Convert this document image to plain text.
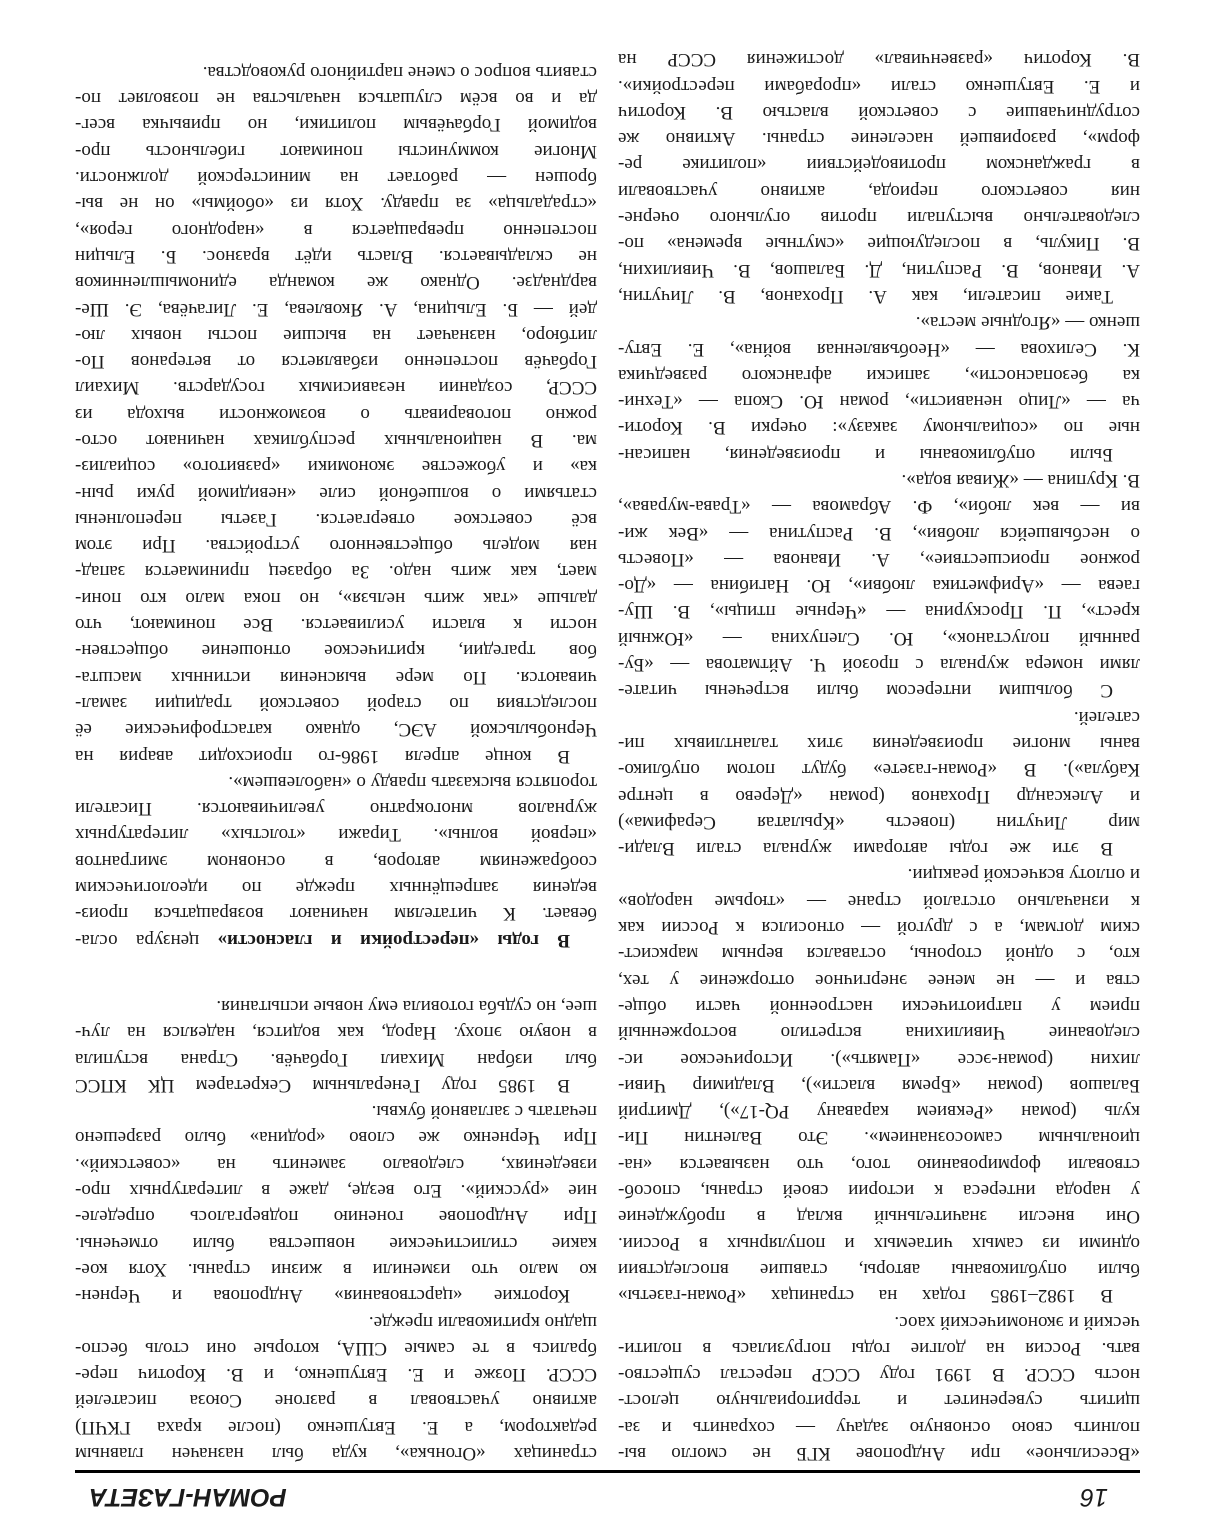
16
РОМАН-ГАЗЕТА
«Всесильное» при Андропове КГБ не смогло вы-
полнить свою основную задачу — сохранить и за-
щитить суверенитет и территориальную целост-
ность СССР. В 1991 году СССР перестал существо-
вать. Россия на долгие годы погрузилась в полити-
ческий и экономический хаос.
В 1982–1985 годах на страницах «Роман-газеты»
были опубликованы авторы, ставшие впоследствии
одними из самых читаемых и популярных в России.
Они внесли значительный вклад в пробуждение
у народа интереса к истории своей страны, способ-
ствовали формированию того, что называется «на-
циональным самосознанием». Это Валентин Пи-
куль (роман «Реквием каравану PQ-17»), Дмитрий
Балашов (роман «Бремя власти»), Владимир Чиви-
лихин (роман-эссе «Память»). Историческое ис-
следование Чивилихина встретило восторженный
прием у патриотически настроенной части обще-
ства и — не менее энергичное отторжение у тех,
кто, с одной стороны, оставался верным марксист-
ским догмам, а с другой — относился к России как
к изначально отсталой стране — «тюрьме народов»
и оплоту всяческой реакции.
В эти же годы авторами журнала стали Влади-
мир Личутин (повесть «Крылатая Серафима»)
и Александр Проханов (роман «Дерево в центре
Кабула»). В «Роман-газете» будут потом опублико-
ваны многие произведения этих талантливых пи-
сателей.
С большим интересом были встречены читате-
лями номера журнала с прозой Ч. Айтматова — «Бу-
ранный полустанок», Ю. Слепухина — «Южный
крест», П. Проскурина — «Черные птицы», В. Шу-
гаева — «Арифметика любви», Ю. Нагибина — «До-
рожное происшествие», А. Иванова — «Повесть
о несбывшейся любви», В. Распутина — «Век жи-
ви — век люби», Ф. Абрамова — «Трава-мурава»,
В. Крупина — «Живая вода».
Были опубликованы и произведения, написан-
ные по «социальному заказу»: очерки В. Короти-
ча — «Лицо ненависти», роман Ю. Скопа — «Техни-
ка безопасности», записки афганского разведчика
К. Селихова — «Необъявленная война», Е. Евту-
шенко — «Ягодные места».
Такие писатели, как А. Проханов, В. Личутин,
А. Иванов, В. Распутин, Д. Балашов, В. Чивилихин,
В. Пикуль, в последующие «смутные времена» по-
следовательно выступали против огульного очерне-
ния советского периода, активно участвовали
в гражданском противодействии «политике ре-
форм», разорившей население страны. Активно же
сотрудничавшие с советской властью В. Коротич
и Е. Евтушенко стали «прорабами перестройки».
В. Коротич «развенчивал» достижения СССР на
страницах «Огонька», куда был назначен главным
редактором, а Е. Евтушенко (после краха ГКЧП)
активно участвовал в разгоне Союза писателей
СССР. Позже и Е. Евтушенко, и В. Коротич пере-
брались в те самые США, которые они столь беспо-
щадно критиковали прежде.
Короткие «царствования» Андропова и Чернен-
ко мало что изменили в жизни страны. Хотя кое-
какие стилистические новшества были отмечены.
При Андропове гонению подвергалось определе-
ние «русский». Его везде, даже в литературных про-
изведениях, следовало заменить на «советский».
При Черненко же слово «родина» было разрешено
печатать с заглавной буквы.
В 1985 году Генеральным Секретарем ЦК КПСС
был избран Михаил Горбачёв. Страна вступила
в новую эпоху. Народ, как водится, надеялся на луч-
шее, но судьба готовила ему новые испытания.
В годы «перестройки и гласности» цензура осла-
бевает. К читателям начинают возвращаться произ-
ведения запрещённых прежде по идеологическим
соображениям авторов, в основном эмигрантов
«первой волны». Тиражи «толстых» литературных
журналов многократно увеличиваются. Писатели
торопятся высказать правду о «наболевшем».
В конце апреля 1986-го происходит авария на
Чернобыльской АЭС, однако катастрофические её
последствия по старой советской традиции замал-
чиваются. По мере выяснения истинных масшта-
бов трагедии, критическое отношение обществен-
ности к власти усиливается. Все понимают, что
дальше «так жить нельзя», но пока мало кто пони-
мает, как жить надо. За образец принимается запад-
ная модель общественного устройства. При этом
всё советское отвергается. Газеты переполнены
статьями о волшебной силе «невидимой руки рын-
ка» и убожестве экономики «развитого» социализ-
ма. В национальных республиках начинают осто-
рожно поговаривать о возможности выхода из
СССР, создании независимых государств. Михаил
Горбачёв постепенно избавляется от ветеранов По-
литбюро, назначает на высшие посты новых лю-
дей — Б. Ельцина, А. Яковлева, Е. Лигачёва, Э. Ше-
варднадзе. Однако же команда единомышленников
не складывается. Власть идёт вразнос. Б. Ельцин
постепенно превращается в «народного героя»,
«страдальца» за правду. Хотя из «обоймы» он не вы-
брошен — работает на министерской должности.
Многие коммунисты понимают гибельность про-
водимой Горбачёвым политики, но привычка всег-
да и во всём слушаться начальства не позволяет по-
ставить вопрос о смене партийного руководства.
